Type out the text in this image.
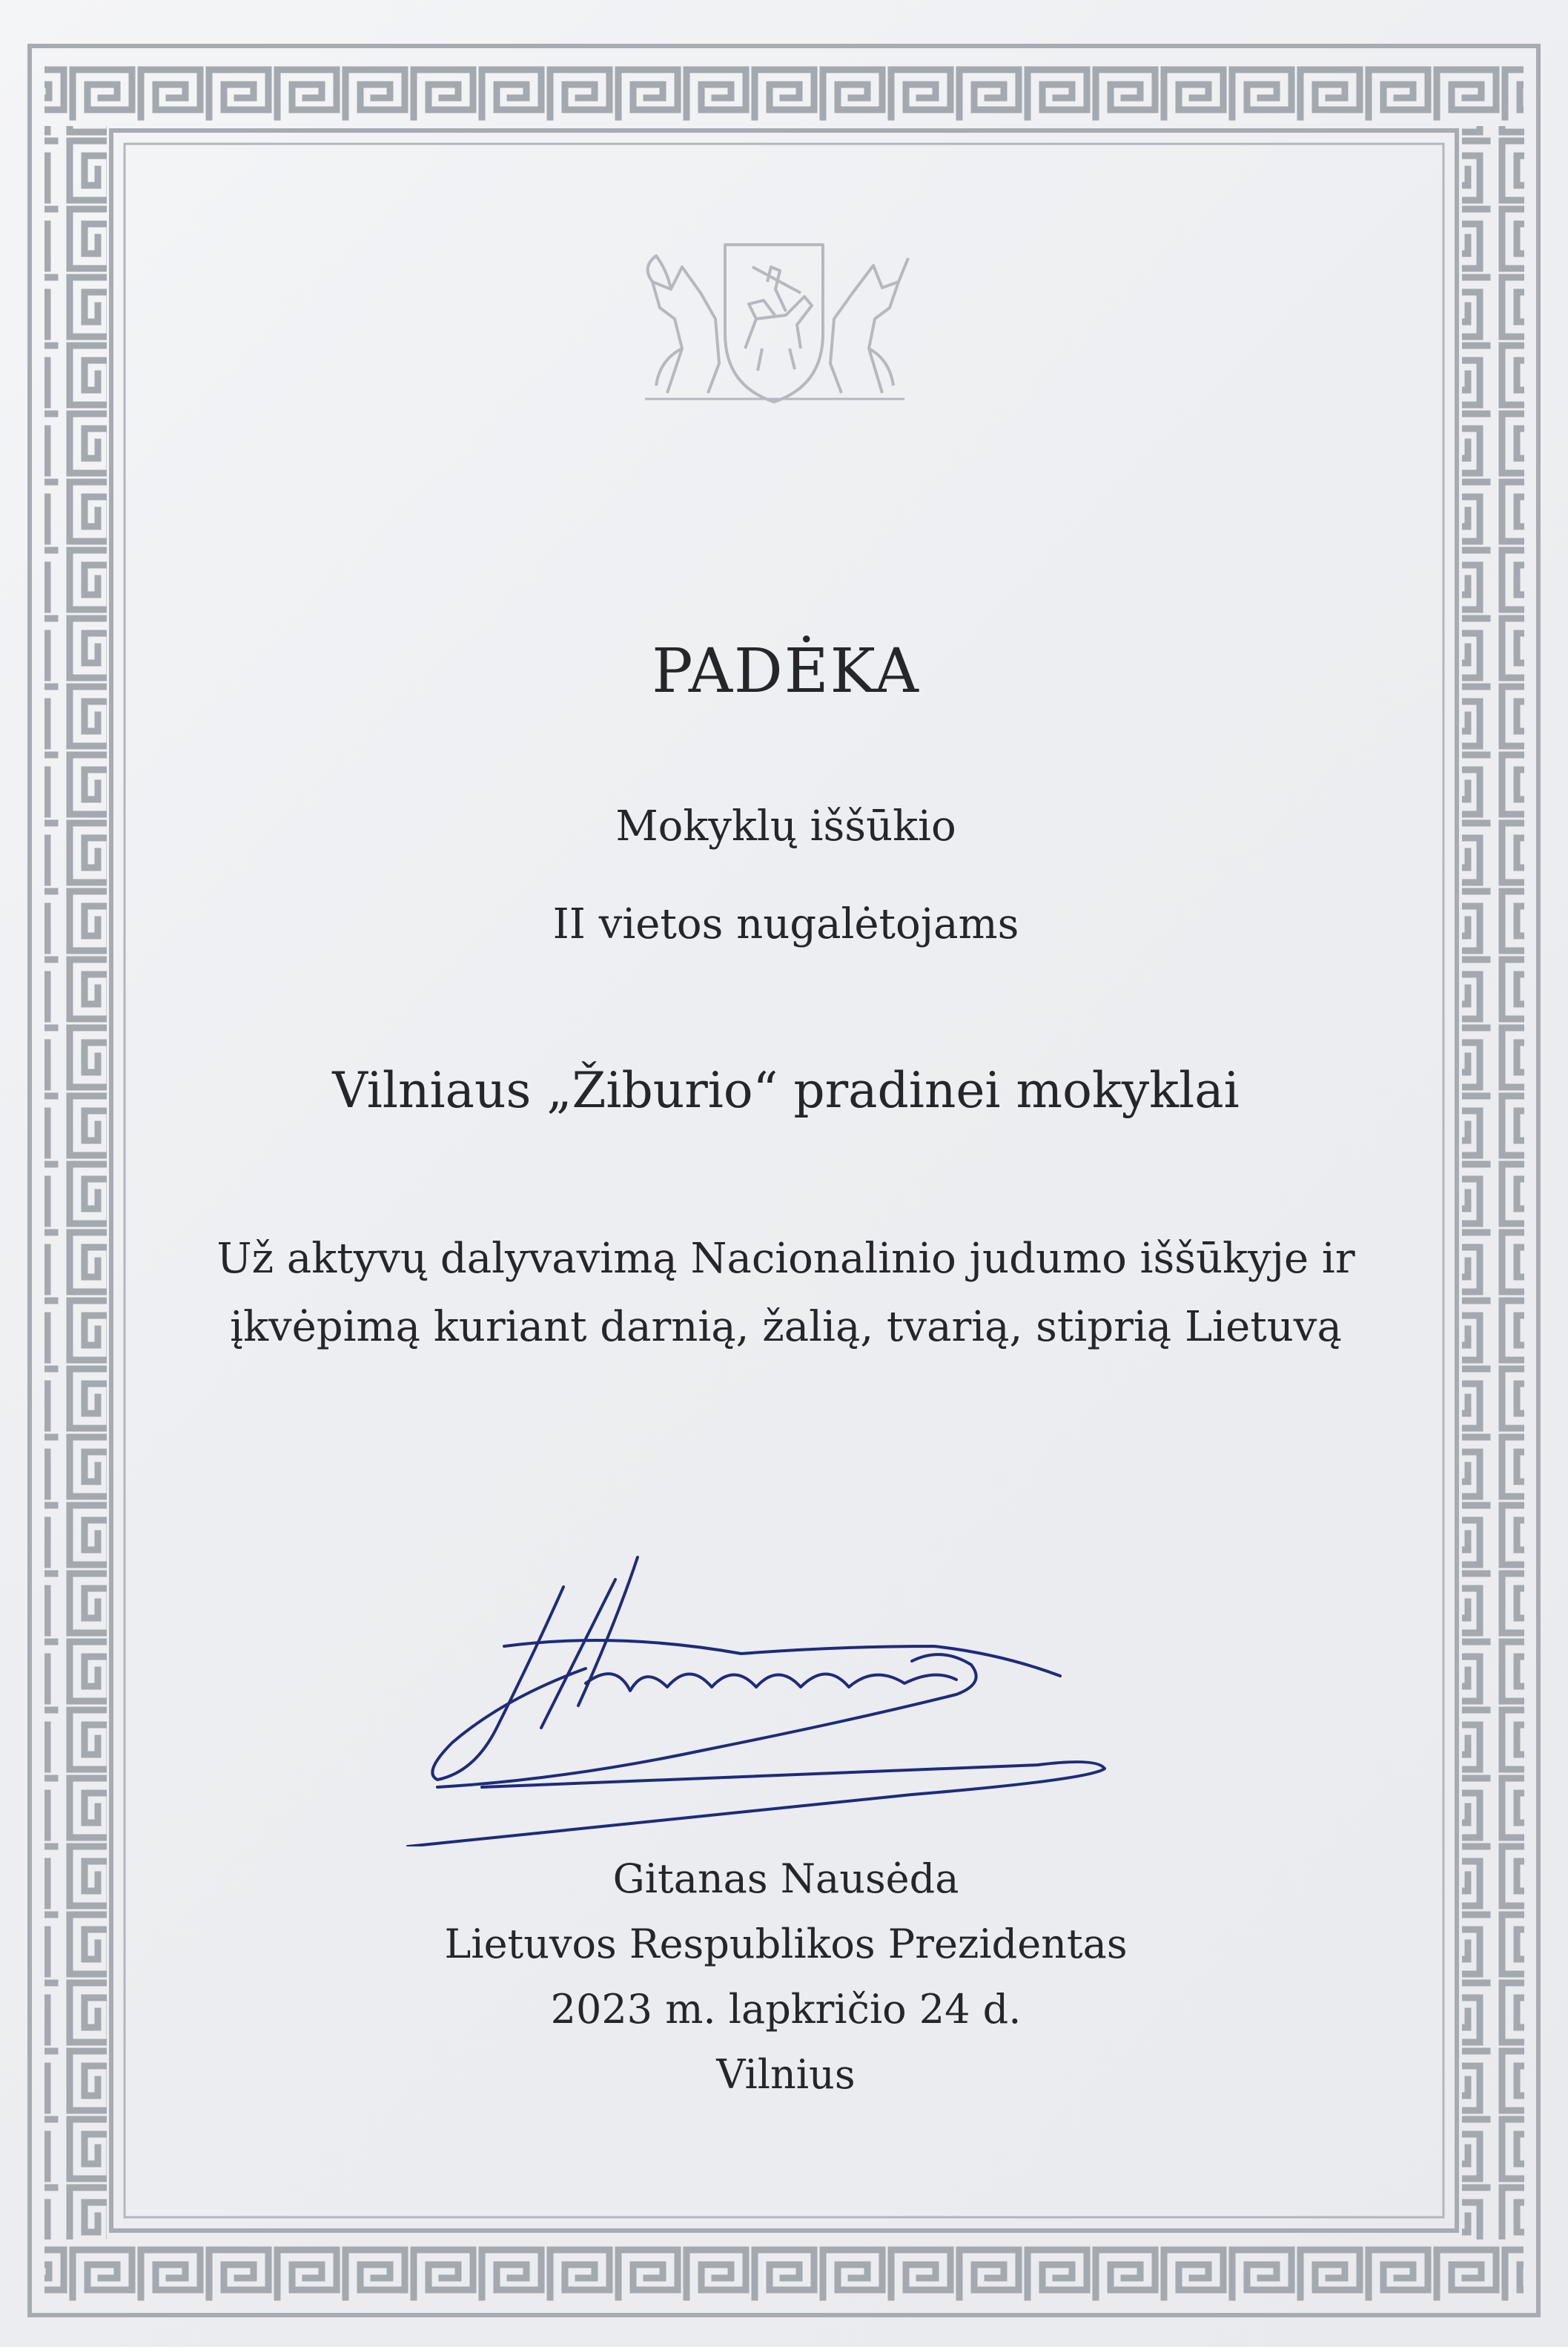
PADĖKA
Mokyklų iššūkio
II vietos nugalėtojams
Vilniaus „Žiburio“ pradinei mokyklai
Už aktyvų dalyvavimą Nacionalinio judumo iššūkyje ir
įkvėpimą kuriant darnią, žalią, tvarią, stiprią Lietuvą
Gitanas Nausėda
Lietuvos Respublikos Prezidentas
2023 m. lapkričio 24 d.
Vilnius
